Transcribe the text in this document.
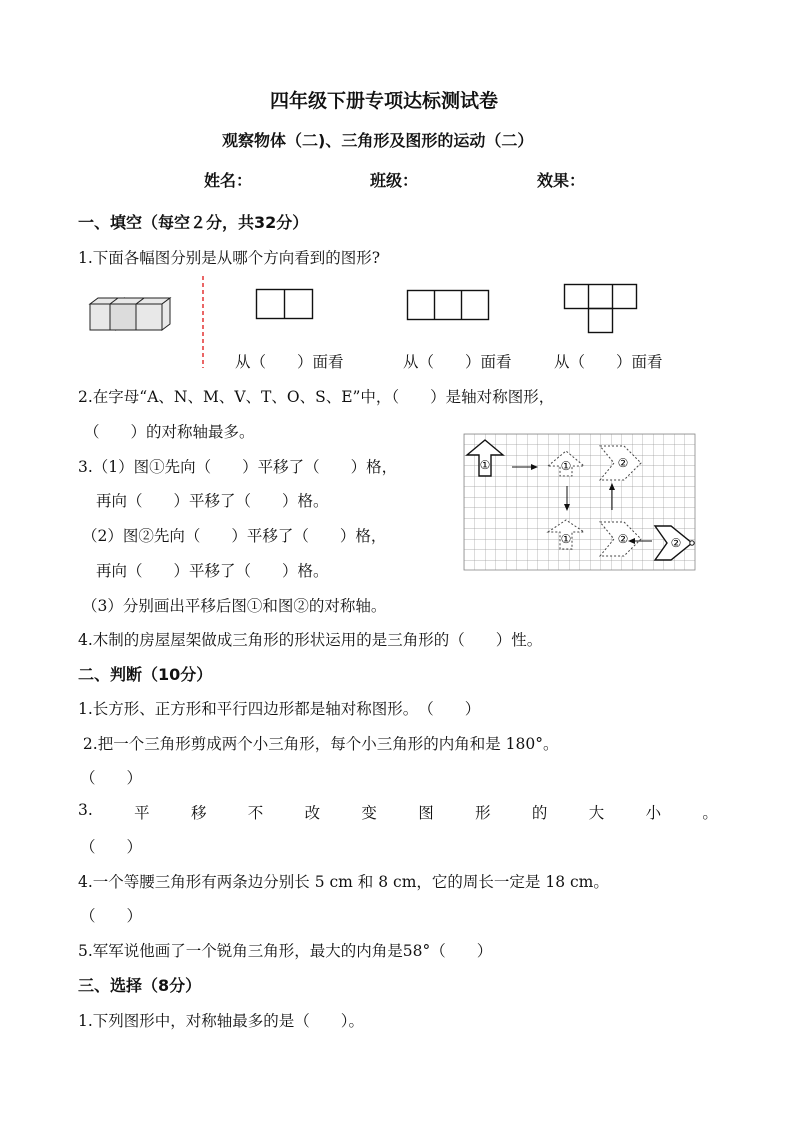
四年级下册专项达标测试卷
观察物体（二)、三角形及图形的运动（二）
姓名：	班级：	效果：
一、填空（每空２分，共32分）
1.下面各幅图分别是从哪个方向看到的图形?
从（　　）面看	从（　　）面看	从（　　）面看
2.在字母“A、N、M、V、T、O、S、E”中，（　　）是轴对称图形，
（　　）的对称轴最多。
3.（1）图①先向（　　）平移了（　　）格，
再向（　　）平移了（　　）格。
（2）图②先向（　　）平移了（　　）格，
再向（　　）平移了（　　）格。
（3）分别画出平移后图①和图②的对称轴。
①	①
①
②
②	②
4.木制的房屋屋架做成三角形的形状运用的是三角形的（　　）性。
二、判断（10分）
1.长方形、正方形和平行四边形都是轴对称图形。　（　　）
2.把一个三角形剪成两个小三角形，每个小三角形的内角和是 180°。
（　　）
3.	平	移	不	改	变	图	形	的	大	小	。
（　　）
4.一个等腰三角形有两条边分别长 5 cm 和 8 cm，它的周长一定是 18 cm。
（　　）
5.军军说他画了一个锐角三角形，最大的内角是58°（　　）
三、选择（8分）
1.下列图形中，对称轴最多的是（　　）。
